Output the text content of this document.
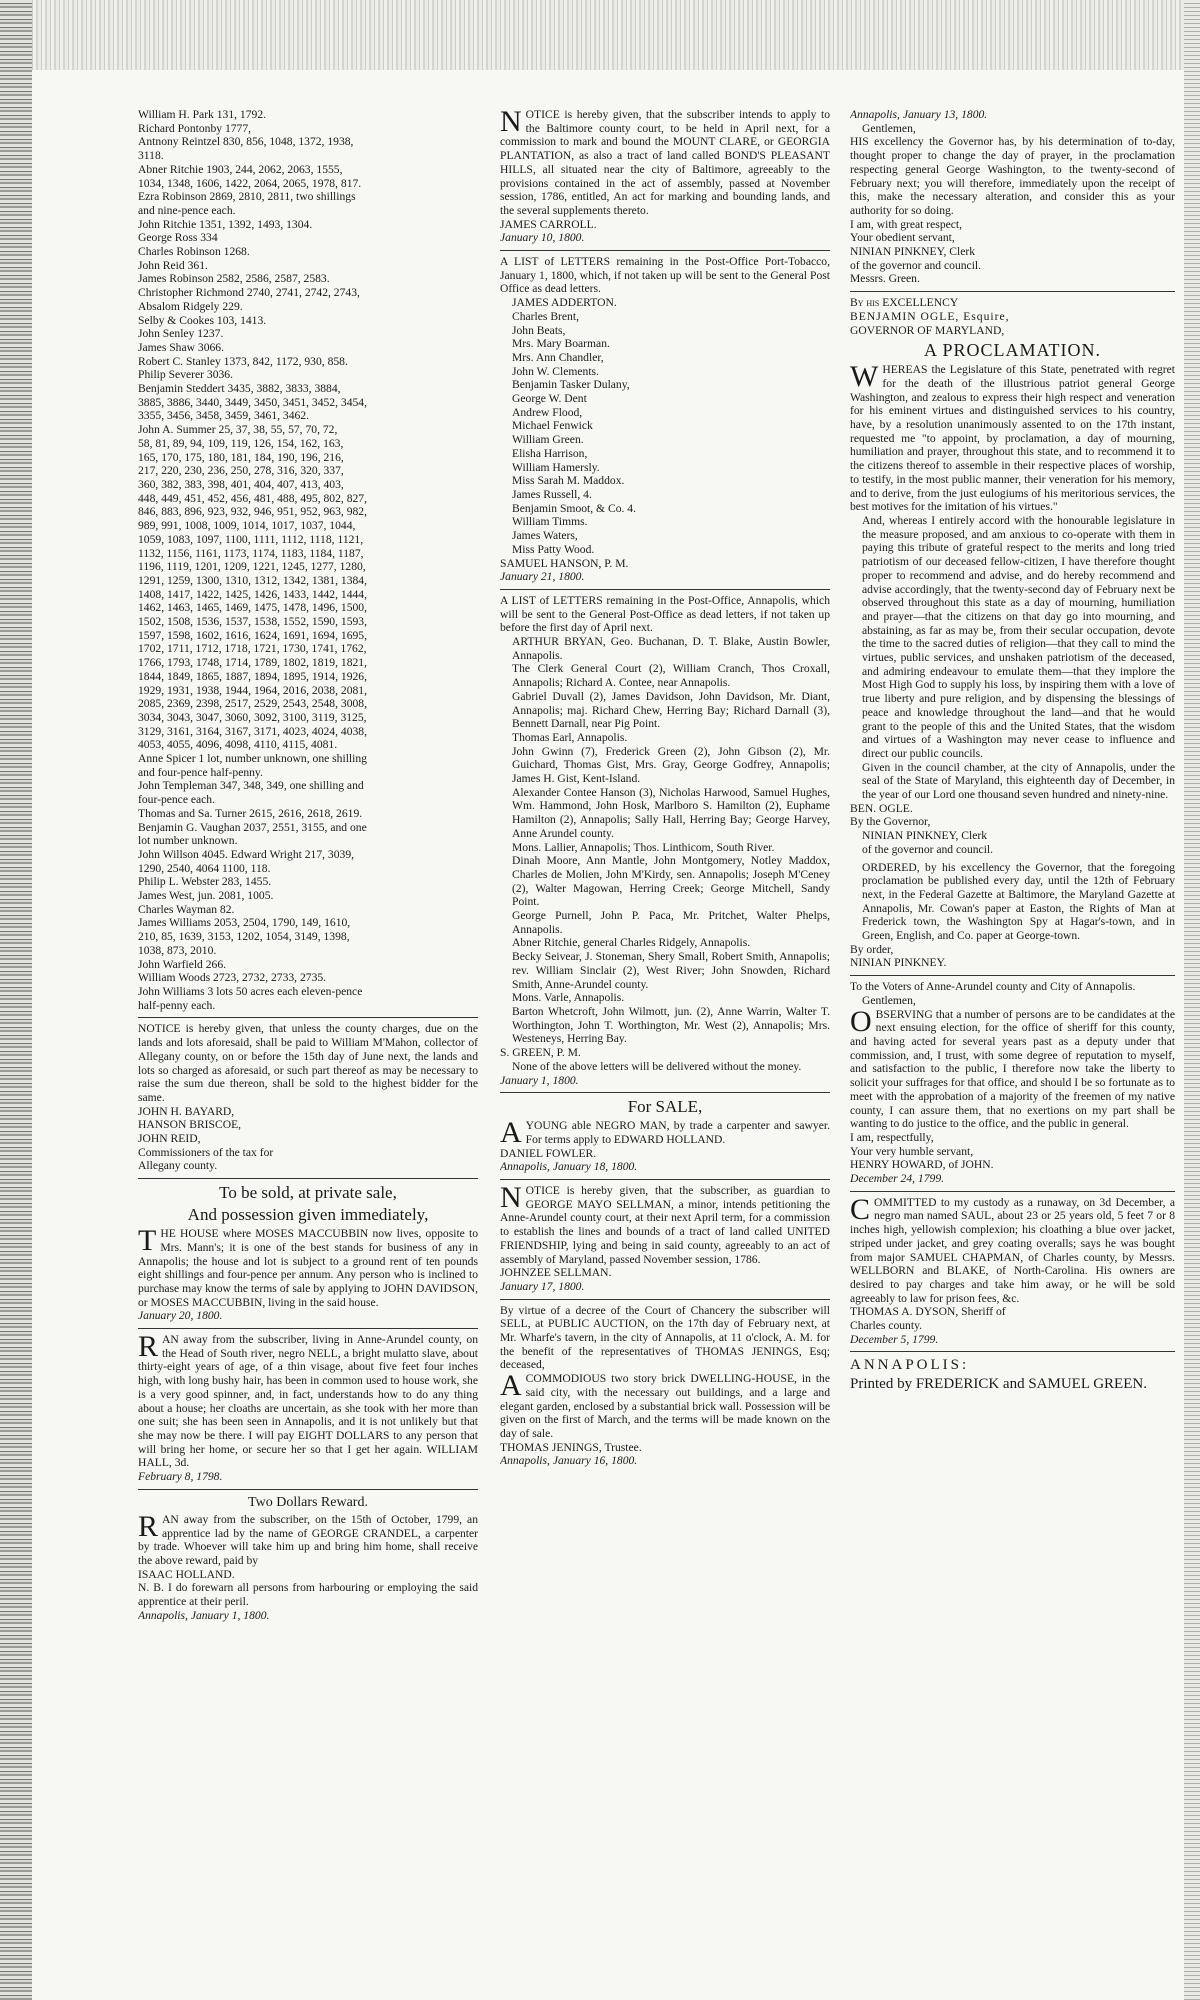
William H. Park 131, 1792.

Richard Pontonby 1777,

Antnony Reintzel 830, 856, 1048, 1372, 1938,

3118.

Abner Ritchie 1903, 244, 2062, 2063, 1555,

1034, 1348, 1606, 1422, 2064, 2065, 1978, 817.

Ezra Robinson 2869, 2810, 2811, two shillings

and nine-pence each.

John Ritchie 1351, 1392, 1493, 1304.

George Ross 334

Charles Robinson 1268.

John Reid 361.

James Robinson 2582, 2586, 2587, 2583.

Christopher Richmond 2740, 2741, 2742, 2743,

Absalom Ridgely 229.

Selby & Cookes 103, 1413.

John Senley 1237.

James Shaw 3066.

Robert C. Stanley 1373, 842, 1172, 930, 858.

Philip Severer 3036.

Benjamin Steddert 3435, 3882, 3833, 3884,

3885, 3886, 3440, 3449, 3450, 3451, 3452, 3454,

3355, 3456, 3458, 3459, 3461, 3462.

John A. Summer 25, 37, 38, 55, 57, 70, 72,

58, 81, 89, 94, 109, 119, 126, 154, 162, 163,

165, 170, 175, 180, 181, 184, 190, 196, 216,

217, 220, 230, 236, 250, 278, 316, 320, 337,

360, 382, 383, 398, 401, 404, 407, 413, 403,

448, 449, 451, 452, 456, 481, 488, 495, 802, 827,

846, 883, 896, 923, 932, 946, 951, 952, 963, 982,

989, 991, 1008, 1009, 1014, 1017, 1037, 1044,

1059, 1083, 1097, 1100, 1111, 1112, 1118, 1121,

1132, 1156, 1161, 1173, 1174, 1183, 1184, 1187,

1196, 1119, 1201, 1209, 1221, 1245, 1277, 1280,

1291, 1259, 1300, 1310, 1312, 1342, 1381, 1384,

1408, 1417, 1422, 1425, 1426, 1433, 1442, 1444,

1462, 1463, 1465, 1469, 1475, 1478, 1496, 1500,

1502, 1508, 1536, 1537, 1538, 1552, 1590, 1593,

1597, 1598, 1602, 1616, 1624, 1691, 1694, 1695,

1702, 1711, 1712, 1718, 1721, 1730, 1741, 1762,

1766, 1793, 1748, 1714, 1789, 1802, 1819, 1821,

1844, 1849, 1865, 1887, 1894, 1895, 1914, 1926,

1929, 1931, 1938, 1944, 1964, 2016, 2038, 2081,

2085, 2369, 2398, 2517, 2529, 2543, 2548, 3008,

3034, 3043, 3047, 3060, 3092, 3100, 3119, 3125,

3129, 3161, 3164, 3167, 3171, 4023, 4024, 4038,

4053, 4055, 4096, 4098, 4110, 4115, 4081.

Anne Spicer 1 lot, number unknown, one shilling

and four-pence half-penny.

John Templeman 347, 348, 349, one shilling and

four-pence each.

Thomas and Sa. Turner 2615, 2616, 2618, 2619.

Benjamin G. Vaughan 2037, 2551, 3155, and one

lot number unknown.

John Willson 4045. Edward Wright 217, 3039,

1290, 2540, 4064 1100, 118.

Philip L. Webster 283, 1455.

James West, jun. 2081, 1005.

Charles Wayman 82.

James Williams 2053, 2504, 1790, 149, 1610,

210, 85, 1639, 3153, 1202, 1054, 3149, 1398,

1038, 873, 2010.

John Warfield 266.

William Woods 2723, 2732, 2733, 2735.

John Williams 3 lots 50 acres each eleven-pence

half-penny each.

NOTICE is hereby given, that unless the county charges, due on the lands and lots aforesaid, shall be paid to William M'Mahon, collector of Allegany county, on or before the 15th day of June next, the lands and lots so charged as aforesaid, or such part thereof as may be necessary to raise the sum due thereon, shall be sold to the highest bidder for the same.

JOHN H. BAYARD,

HANSON BRISCOE,

JOHN REID,

Commissioners of the tax for

Allegany county.

To be sold, at private sale,
And possession given immediately,

THE HOUSE where MOSES MACCUBBIN now lives, opposite to Mrs. Mann's; it is one of the best stands for business of any in Annapolis; the house and lot is subject to a ground rent of ten pounds eight shillings and four-pence per annum. Any person who is inclined to purchase may know the terms of sale by applying to JOHN DAVIDSON, or MOSES MACCUBBIN, living in the said house.

January 20, 1800.

RAN away from the subscriber, living in Anne-Arundel county, on the Head of South river, negro NELL, a bright mulatto slave, about thirty-eight years of age, of a thin visage, about five feet four inches high, with long bushy hair, has been in common used to house work, she is a very good spinner, and, in fact, understands how to do any thing about a house; her cloaths are uncertain, as she took with her more than one suit; she has been seen in Annapolis, and it is not unlikely but that she may now be there. I will pay EIGHT DOLLARS to any person that will bring her home, or secure her so that I get her again. WILLIAM HALL, 3d.

February 8, 1798.

Two Dollars Reward.

RAN away from the subscriber, on the 15th of October, 1799, an apprentice lad by the name of GEORGE CRANDEL, a carpenter by trade. Whoever will take him up and bring him home, shall receive the above reward, paid by

ISAAC HOLLAND.

N. B. I do forewarn all persons from harbouring or employing the said apprentice at their peril.

Annapolis, January 1, 1800.

NOTICE is hereby given, that the subscriber intends to apply to the Baltimore county court, to be held in April next, for a commission to mark and bound the MOUNT CLARE, or GEORGIA PLANTATION, as also a tract of land called BOND'S PLEASANT HILLS, all situated near the city of Baltimore, agreeably to the provisions contained in the act of assembly, passed at November session, 1786, entitled, An act for marking and bounding lands, and the several supplements thereto.

JAMES CARROLL.

January 10, 1800.

A LIST of LETTERS remaining in the Post-Office Port-Tobacco, January 1, 1800, which, if not taken up will be sent to the General Post Office as dead letters.

JAMES ADDERTON.

Charles Brent,

John Beats,

Mrs. Mary Boarman.

Mrs. Ann Chandler,

John W. Clements.

Benjamin Tasker Dulany,

George W. Dent

Andrew Flood,

Michael Fenwick

William Green.

Elisha Harrison,

William Hamersly.

Miss Sarah M. Maddox.

James Russell, 4.

Benjamin Smoot, & Co. 4.

William Timms.

James Waters,

Miss Patty Wood.

SAMUEL HANSON, P. M.

January 21, 1800.

A LIST of LETTERS remaining in the Post-Office, Annapolis, which will be sent to the General Post-Office as dead letters, if not taken up before the first day of April next.

ARTHUR BRYAN, Geo. Buchanan, D. T. Blake, Austin Bowler, Annapolis.

The Clerk General Court (2), William Cranch, Thos Croxall, Annapolis; Richard A. Contee, near Annapolis.

Gabriel Duvall (2), James Davidson, John Davidson, Mr. Diant, Annapolis; maj. Richard Chew, Herring Bay; Richard Darnall (3), Bennett Darnall, near Pig Point.

Thomas Earl, Annapolis.

John Gwinn (7), Frederick Green (2), John Gibson (2), Mr. Guichard, Thomas Gist, Mrs. Gray, George Godfrey, Annapolis; James H. Gist, Kent-Island.

Alexander Contee Hanson (3), Nicholas Harwood, Samuel Hughes, Wm. Hammond, John Hosk, Marlboro S. Hamilton (2), Euphame Hamilton (2), Annapolis; Sally Hall, Herring Bay; George Harvey, Anne Arundel county.

Mons. Lallier, Annapolis; Thos. Linthicom, South River.

Dinah Moore, Ann Mantle, John Montgomery, Notley Maddox, Charles de Molien, John M'Kirdy, sen. Annapolis; Joseph M'Ceney (2), Walter Magowan, Herring Creek; George Mitchell, Sandy Point.

George Purnell, John P. Paca, Mr. Pritchet, Walter Phelps, Annapolis.

Abner Ritchie, general Charles Ridgely, Annapolis.

Becky Seivear, J. Stoneman, Shery Small, Robert Smith, Annapolis; rev. William Sinclair (2), West River; John Snowden, Richard Smith, Anne-Arundel county.

Mons. Varle, Annapolis.

Barton Whetcroft, John Wilmott, jun. (2), Anne Warrin, Walter T. Worthington, John T. Worthington, Mr. West (2), Annapolis; Mrs. Westeneys, Herring Bay.

S. GREEN, P. M.

None of the above letters will be delivered without the money.

January 1, 1800.

For SALE,

AYOUNG able NEGRO MAN, by trade a carpenter and sawyer. For terms apply to EDWARD HOLLAND.

DANIEL FOWLER.

Annapolis, January 18, 1800.

NOTICE is hereby given, that the subscriber, as guardian to GEORGE MAYO SELLMAN, a minor, intends petitioning the Anne-Arundel county court, at their next April term, for a commission to establish the lines and bounds of a tract of land called UNITED FRIENDSHIP, lying and being in said county, agreeably to an act of assembly of Maryland, passed November session, 1786.

JOHNZEE SELLMAN.

January 17, 1800.

By virtue of a decree of the Court of Chancery the subscriber will SELL, at PUBLIC AUCTION, on the 17th day of February next, at Mr. Wharfe's tavern, in the city of Annapolis, at 11 o'clock, A. M. for the benefit of the representatives of THOMAS JENINGS, Esq; deceased,

ACOMMODIOUS two story brick DWELLING-HOUSE, in the said city, with the necessary out buildings, and a large and elegant garden, enclosed by a substantial brick wall. Possession will be given on the first of March, and the terms will be made known on the day of sale.

THOMAS JENINGS, Trustee.

Annapolis, January 16, 1800.

Annapolis, January 13, 1800.

Gentlemen,

HIS excellency the Governor has, by his determination of to-day, thought proper to change the day of prayer, in the proclamation respecting general George Washington, to the twenty-second of February next; you will therefore, immediately upon the receipt of this, make the necessary alteration, and consider this as your authority for so doing.

I am, with great respect,

Your obedient servant,

NINIAN PINKNEY, Clerk

of the governor and council.

Messrs. Green.

By his EXCELLENCY

BENJAMIN OGLE, Esquire,

GOVERNOR OF MARYLAND,

A PROCLAMATION.

WHEREAS the Legislature of this State, penetrated with regret for the death of the illustrious patriot general George Washington, and zealous to express their high respect and veneration for his eminent virtues and distinguished services to his country, have, by a resolution unanimously assented to on the 17th instant, requested me "to appoint, by proclamation, a day of mourning, humiliation and prayer, throughout this state, and to recommend it to the citizens thereof to assemble in their respective places of worship, to testify, in the most public manner, their veneration for his memory, and to derive, from the just eulogiums of his meritorious services, the best motives for the imitation of his virtues."

And, whereas I entirely accord with the honourable legislature in the measure proposed, and am anxious to co-operate with them in paying this tribute of grateful respect to the merits and long tried patriotism of our deceased fellow-citizen, I have therefore thought proper to recommend and advise, and do hereby recommend and advise accordingly, that the twenty-second day of February next be observed throughout this state as a day of mourning, humiliation and prayer—that the citizens on that day go into mourning, and abstaining, as far as may be, from their secular occupation, devote the time to the sacred duties of religion—that they call to mind the virtues, public services, and unshaken patriotism of the deceased, and admiring endeavour to emulate them—that they implore the Most High God to supply his loss, by inspiring them with a love of true liberty and pure religion, and by dispensing the blessings of peace and knowledge throughout the land—and that he would grant to the people of this and the United States, that the wisdom and virtues of a Washington may never cease to influence and direct our public councils.

Given in the council chamber, at the city of Annapolis, under the seal of the State of Maryland, this eighteenth day of December, in the year of our Lord one thousand seven hundred and ninety-nine.

BEN. OGLE.

By the Governor,

NINIAN PINKNEY, Clerk

of the governor and council.

ORDERED, by his excellency the Governor, that the foregoing proclamation be published every day, until the 12th of February next, in the Federal Gazette at Baltimore, the Maryland Gazette at Annapolis, Mr. Cowan's paper at Easton, the Rights of Man at Frederick town, the Washington Spy at Hagar's-town, and in Green, English, and Co. paper at George-town.

By order,

NINIAN PINKNEY.

To the Voters of Anne-Arundel county and City of Annapolis.

Gentlemen,

OBSERVING that a number of persons are to be candidates at the next ensuing election, for the office of sheriff for this county, and having acted for several years past as a deputy under that commission, and, I trust, with some degree of reputation to myself, and satisfaction to the public, I therefore now take the liberty to solicit your suffrages for that office, and should I be so fortunate as to meet with the approbation of a majority of the freemen of my native county, I can assure them, that no exertions on my part shall be wanting to do justice to the office, and the public in general.

I am, respectfully,

Your very humble servant,

HENRY HOWARD, of JOHN.

December 24, 1799.

COMMITTED to my custody as a runaway, on 3d December, a negro man named SAUL, about 23 or 25 years old, 5 feet 7 or 8 inches high, yellowish complexion; his cloathing a blue over jacket, striped under jacket, and grey coating overalls; says he was bought from major SAMUEL CHAPMAN, of Charles county, by Messrs. WELLBORN and BLAKE, of North-Carolina. His owners are desired to pay charges and take him away, or he will be sold agreeably to law for prison fees, &c.

THOMAS A. DYSON, Sheriff of

Charles county.

December 5, 1799.

ANNAPOLIS:

Printed by FREDERICK and SAMUEL GREEN.
